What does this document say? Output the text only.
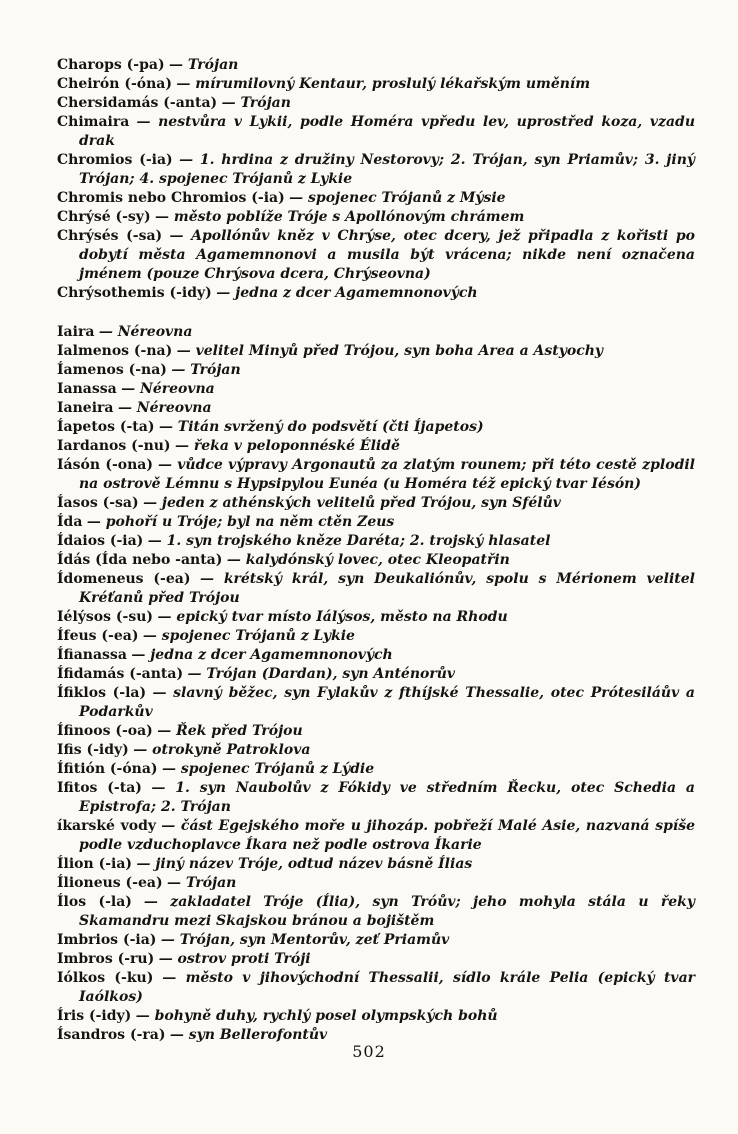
Charops (-pa) — Trójan

Cheirón (-óna) — mírumilovný Kentaur, proslulý lékařským uměním

Chersidamás (-anta) — Trójan

Chimaira — nestvůra v Lykii, podle Homéra vpředu lev, uprostřed koza, vzadu drak

Chromios (-ia) — 1. hrdina z družiny Nestorovy; 2. Trójan, syn Priamův; 3. jiný Trójan; 4. spojenec Trójanů z Lykie

Chromis nebo Chromios (-ia) — spojenec Trójanů z Mýsie

Chrýsé (-sy) — město poblíže Tróje s Apollónovým chrámem

Chrýsés (-sa) — Apollónův kněz v Chrýse, otec dcery, jež připadla z kořisti po dobytí města Agamemnonovi a musila být vrácena; nikde není označena jménem (pouze Chrýsova dcera, Chrýseovna)

Chrýsothemis (-idy) — jedna z dcer Agamemnonových

Iaira — Néreovna

Ialmenos (-na) — velitel Minyů před Trójou, syn boha Area a Astyochy

Íamenos (-na) — Trójan

Ianassa — Néreovna

Ianeira — Néreovna

Íapetos (-ta) — Titán svržený do podsvětí (čti Íjapetos)

Iardanos (-nu) — řeka v peloponnéské Élidě

Iásón (-ona) — vůdce výpravy Argonautů za zlatým rounem; při této cestě zplodil na ostrově Lémnu s Hypsipylou Eunéa (u Homéra též epický tvar Iésón)

Íasos (-sa) — jeden z athénských velitelů před Trójou, syn Sfélův

Ída — pohoří u Tróje; byl na něm ctěn Zeus

Ídaios (-ia) — 1. syn trojského kněze Daréta; 2. trojský hlasatel

Ídás (Ída nebo -anta) — kalydónský lovec, otec Kleopatřin

Ídomeneus (-ea) — krétský král, syn Deukaliónův, spolu s Mérionem velitel Kréťanů před Trójou

Iélýsos (-su) — epický tvar místo Iálýsos, město na Rhodu

Ífeus (-ea) — spojenec Trójanů z Lykie

Ífianassa — jedna z dcer Agamemnonových

Ífidamás (-anta) — Trójan (Dardan), syn Anténorův

Ífiklos (-la) — slavný běžec, syn Fylakův z fthíjské Thessalie, otec Prótesiláův a Podarkův

Ífinoos (-oa) — Řek před Trójou

Ifis (-idy) — otrokyně Patroklova

Ífitión (-óna) — spojenec Trójanů z Lýdie

Ifitos (-ta) — 1. syn Naubolův z Fókidy ve středním Řecku, otec Schedia a Epistrofa; 2. Trójan

íkarské vody — část Egejského moře u jihozáp. pobřeží Malé Asie, nazvaná spíše podle vzduchoplavce Íkara než podle ostrova Íkarie

Ílion (-ia) — jiný název Tróje, odtud název básně Ílias

Ílioneus (-ea) — Trójan

Ílos (-la) — zakladatel Tróje (Ília), syn Tróův; jeho mohyla stála u řeky Skamandru mezi Skajskou bránou a bojištěm

Imbrios (-ia) — Trójan, syn Mentorův, zeť Priamův

Imbros (-ru) — ostrov proti Tróji

Iólkos (-ku) — město v jihovýchodní Thessalii, sídlo krále Pelia (epický tvar Iaólkos)

Íris (-idy) — bohyně duhy, rychlý posel olympských bohů

Ísandros (-ra) — syn Bellerofontův

502
